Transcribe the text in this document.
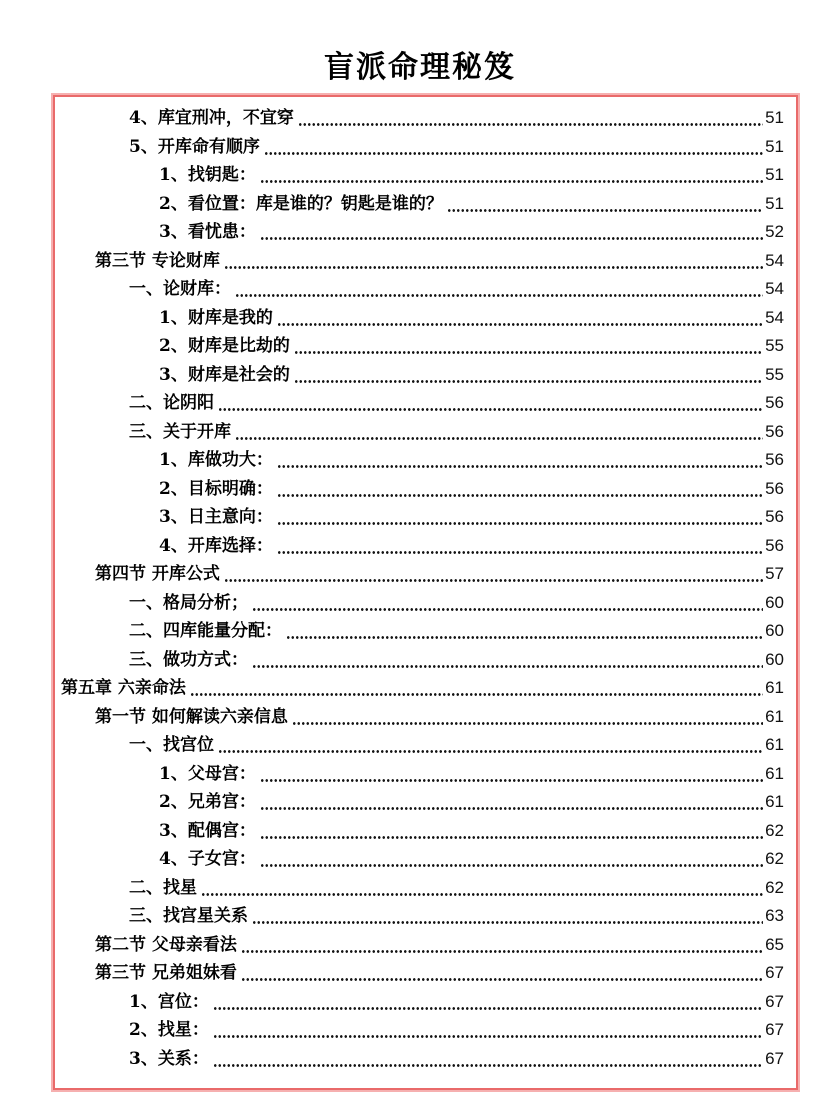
盲派命理秘笈
4、库宜刑冲，不宜穿	51
5、开库命有顺序	51
1、找钥匙：	51
2、看位置：库是谁的？钥匙是谁的？	51
3、看忧患：	52
第三节 专论财库	54
一、论财库：	54
1、财库是我的	54
2、财库是比劫的	55
3、财库是社会的	55
二、论阴阳	56
三、关于开库	56
1、库做功大：	56
2、目标明确：	56
3、日主意向：	56
4、开库选择：	56
第四节 开库公式	57
一、格局分析；	60
二、四库能量分配：	60
三、做功方式：	60
第五章 六亲命法	61
第一节 如何解读六亲信息	61
一、找宫位	61
1、父母宫：	61
2、兄弟宫：	61
3、配偶宫：	62
4、子女宫：	62
二、找星	62
三、找宫星关系	63
第二节 父母亲看法	65
第三节 兄弟姐妹看	67
1、宫位：	67
2、找星：	67
3、关系：	67
